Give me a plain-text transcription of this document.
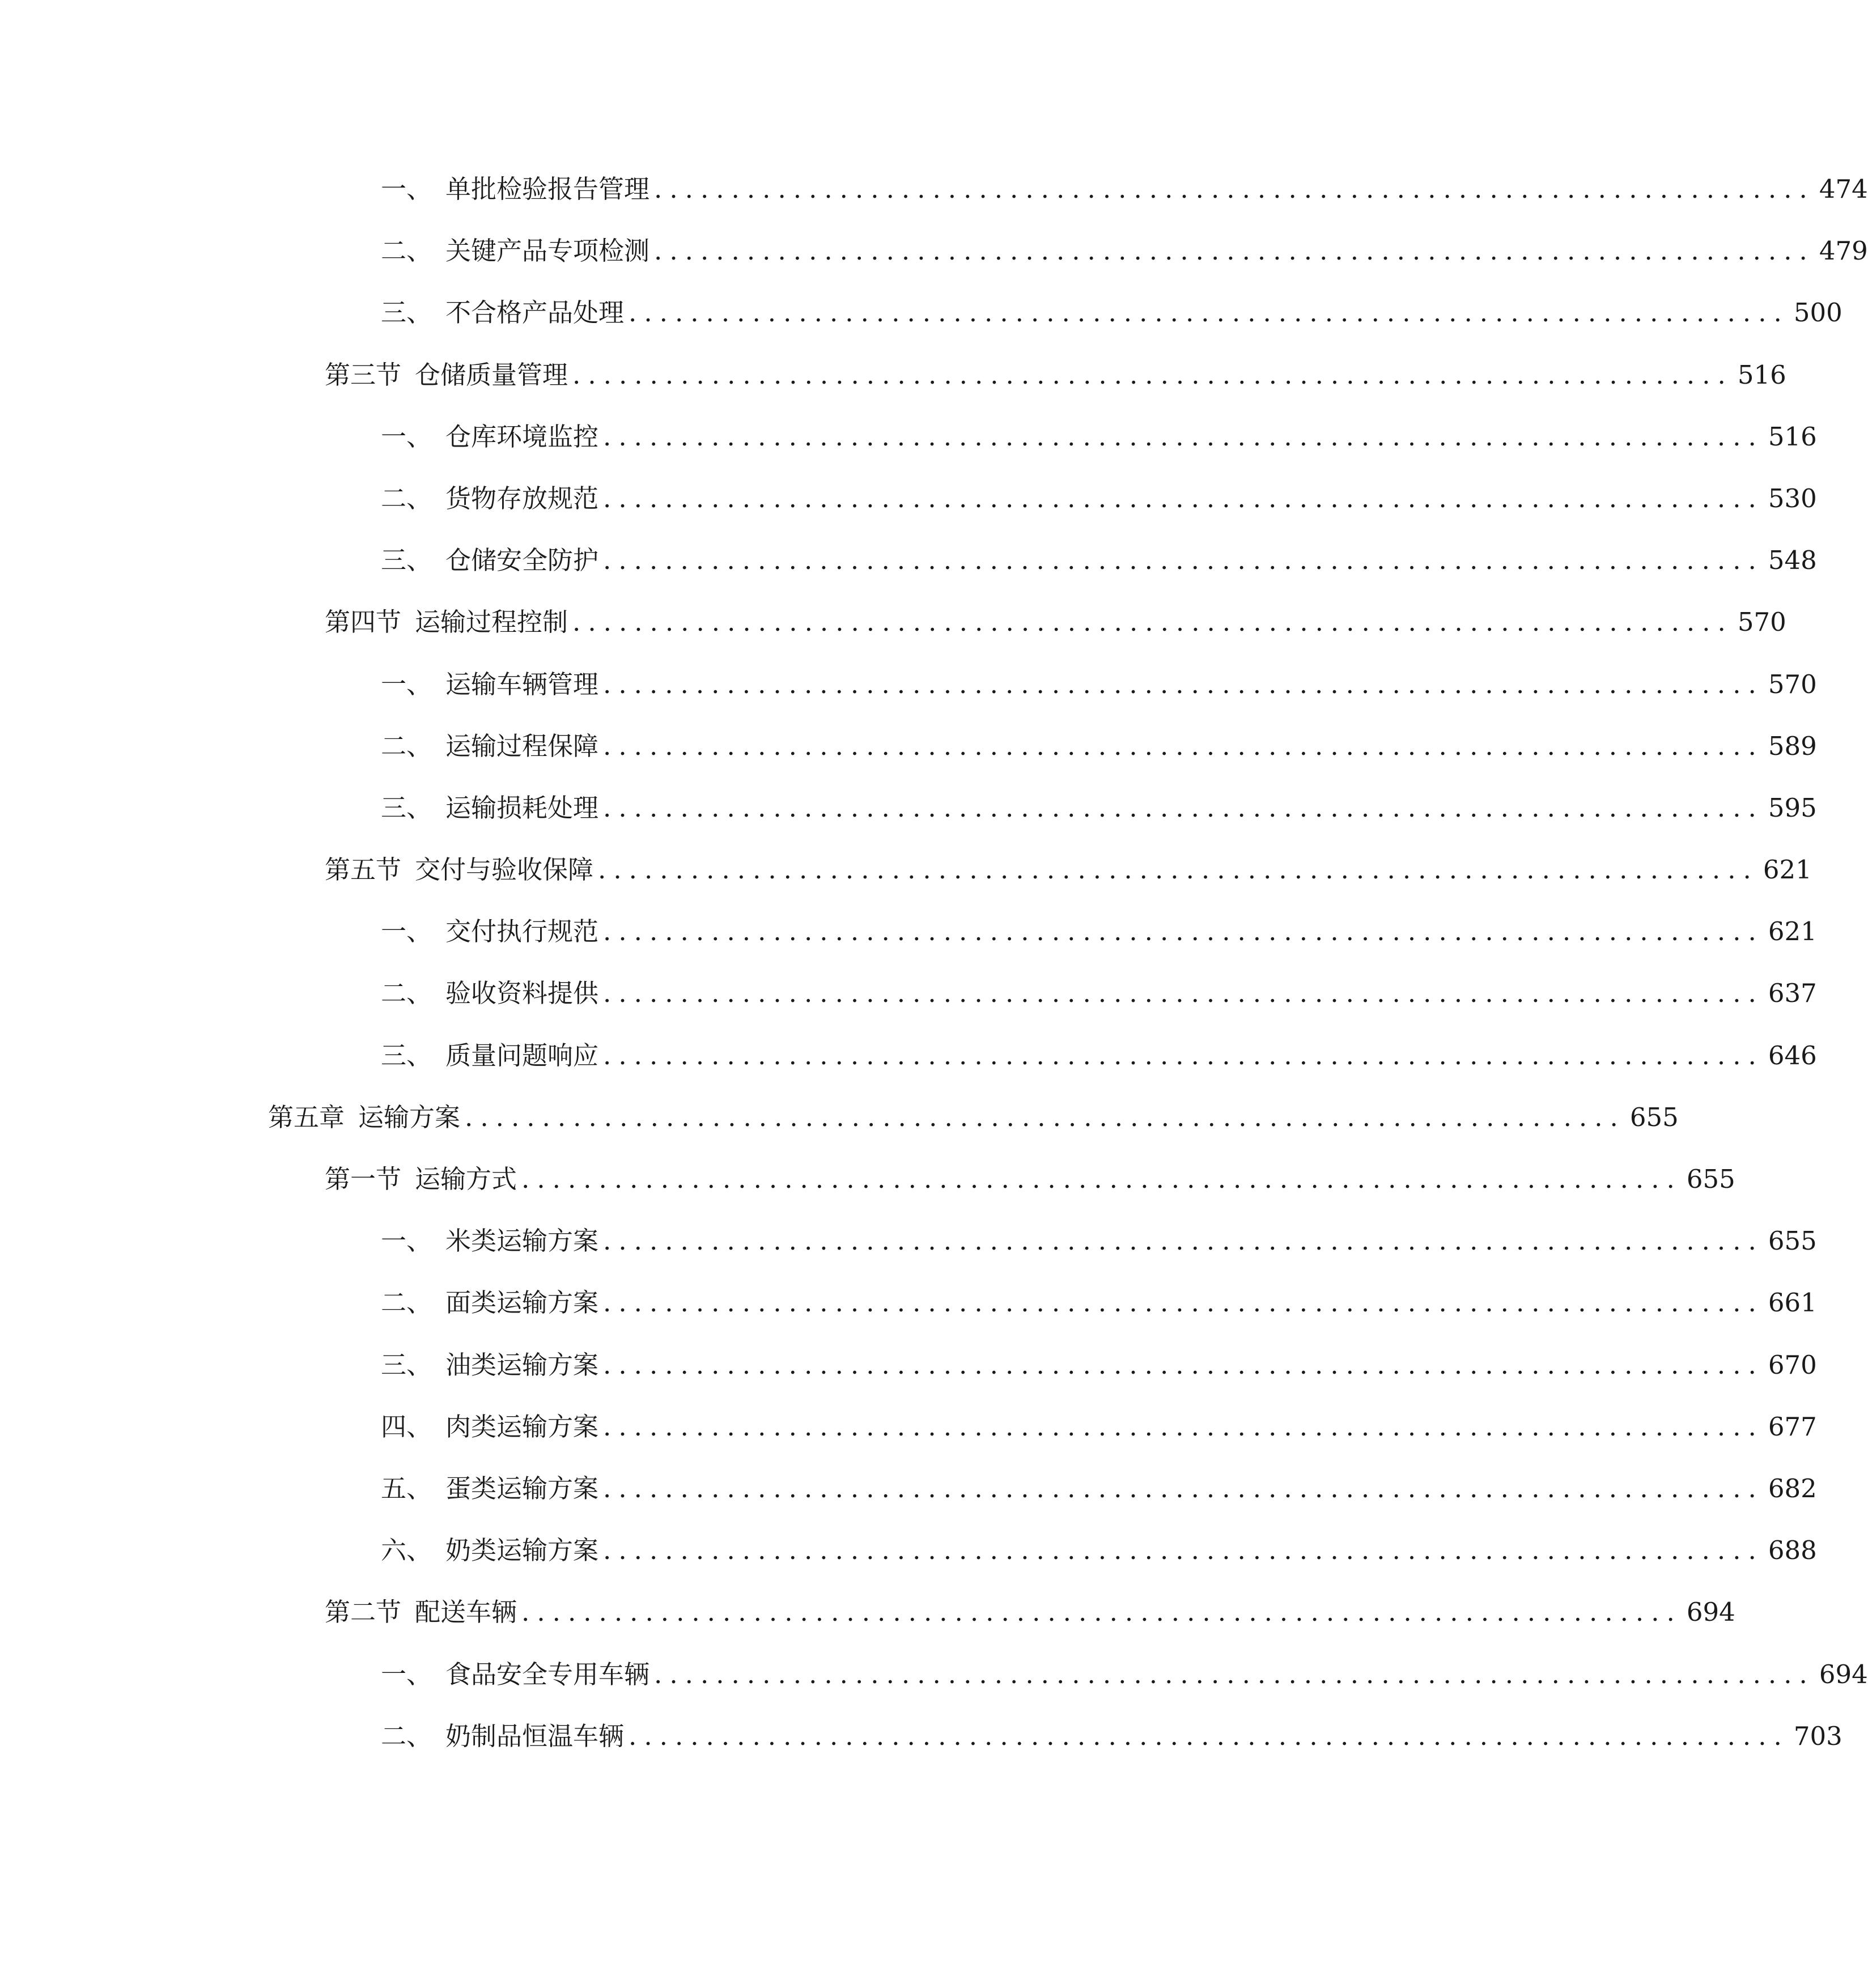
一、 单批检验报告管理 ........................................................................... 474
二、 关键产品专项检测 ........................................................................... 479
三、 不合格产品处理 ........................................................................... 500
第三节 仓储质量管理 ........................................................................... 516
一、 仓库环境监控 ........................................................................... 516
二、 货物存放规范 ........................................................................... 530
三、 仓储安全防护 ........................................................................... 548
第四节 运输过程控制 ........................................................................... 570
一、 运输车辆管理 ........................................................................... 570
二、 运输过程保障 ........................................................................... 589
三、 运输损耗处理 ........................................................................... 595
第五节 交付与验收保障 ........................................................................... 621
一、 交付执行规范 ........................................................................... 621
二、 验收资料提供 ........................................................................... 637
三、 质量问题响应 ........................................................................... 646
第五章 运输方案 ........................................................................... 655
第一节 运输方式 ........................................................................... 655
一、 米类运输方案 ........................................................................... 655
二、 面类运输方案 ........................................................................... 661
三、 油类运输方案 ........................................................................... 670
四、 肉类运输方案 ........................................................................... 677
五、 蛋类运输方案 ........................................................................... 682
六、 奶类运输方案 ........................................................................... 688
第二节 配送车辆 ........................................................................... 694
一、 食品安全专用车辆 ........................................................................... 694
二、 奶制品恒温车辆 ........................................................................... 703
